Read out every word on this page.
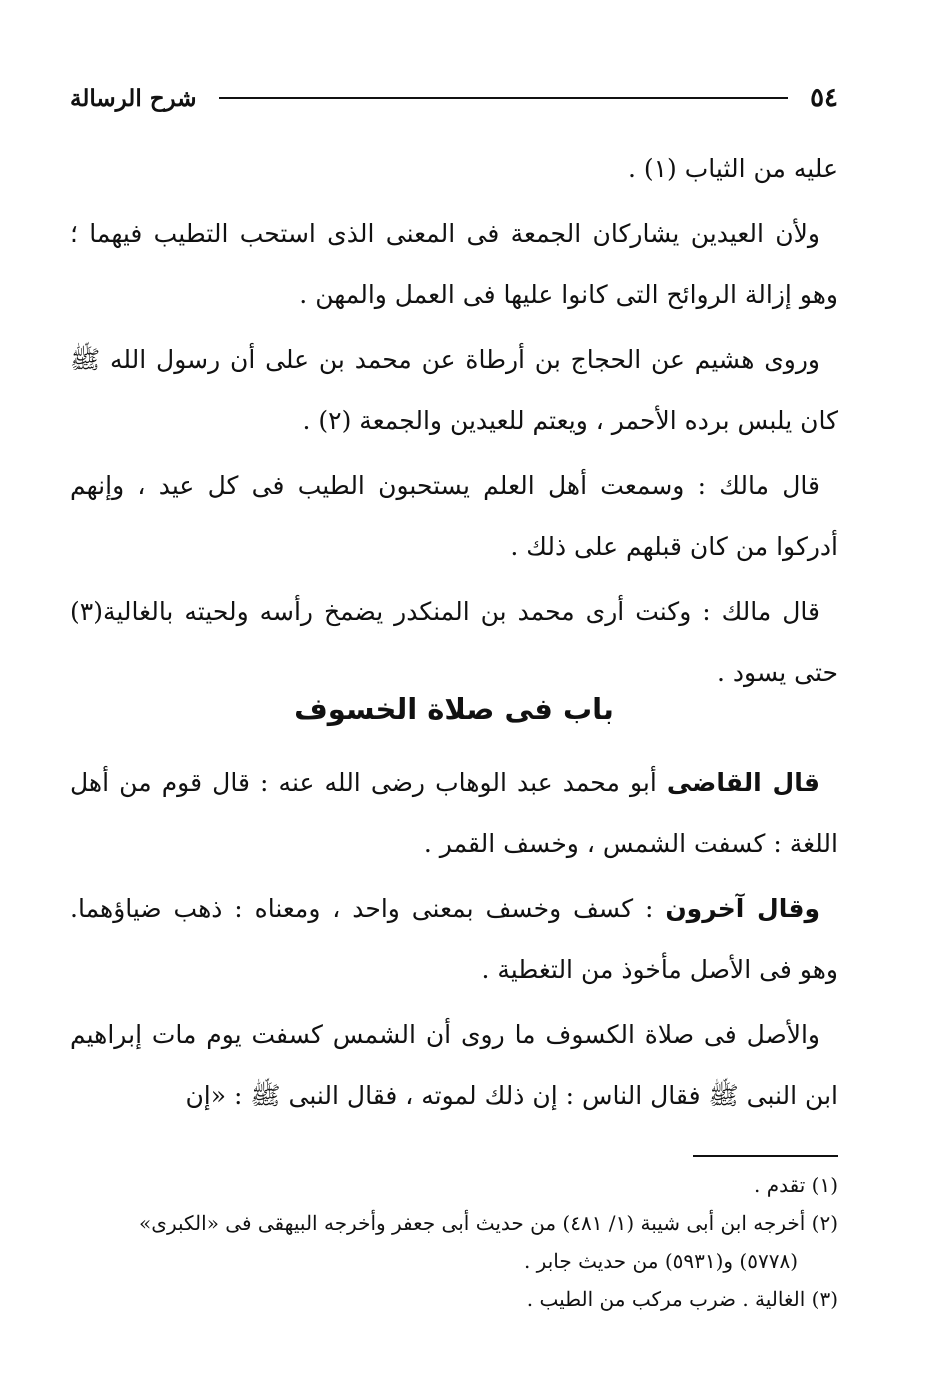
٥٤
شرح الرسالة

عليه من الثياب (١) .

ولأن العيدين يشاركان الجمعة فى المعنى الذى استحب التطيب فيهما ؛ وهو إزالة الروائح التى كانوا عليها فى العمل والمهن .

وروى هشيم عن الحجاج بن أرطاة عن محمد بن على أن رسول الله ﷺ كان يلبس برده الأحمر ، ويعتم للعيدين والجمعة (٢) .

قال مالك : وسمعت أهل العلم يستحبون الطيب فى كل عيد ، وإنهم أدركوا من كان قبلهم على ذلك .

قال مالك : وكنت أرى محمد بن المنكدر يضمخ رأسه ولحيته بالغالية(٣) حتى يسود .

باب فى صلاة الخسوف

قال القاضى أبو محمد عبد الوهاب رضى الله عنه : قال قوم من أهل اللغة : كسفت الشمس ، وخسف القمر .

وقال آخرون : كسف وخسف بمعنى واحد ، ومعناه : ذهب ضياؤهما. وهو فى الأصل مأخوذ من التغطية .

والأصل فى صلاة الكسوف ما روى أن الشمس كسفت يوم مات إبراهيم ابن النبى ﷺ فقال الناس : إن ذلك لموته ، فقال النبى ﷺ : «إن

(١) تقدم .

(٢) أخرجه ابن أبى شيبة (١/ ٤٨١) من حديث أبى جعفر وأخرجه البيهقى فى «الكبرى»

(٥٧٧٨) و(٥٩٣١) من حديث جابر .

(٣) الغالية . ضرب مركب من الطيب .
